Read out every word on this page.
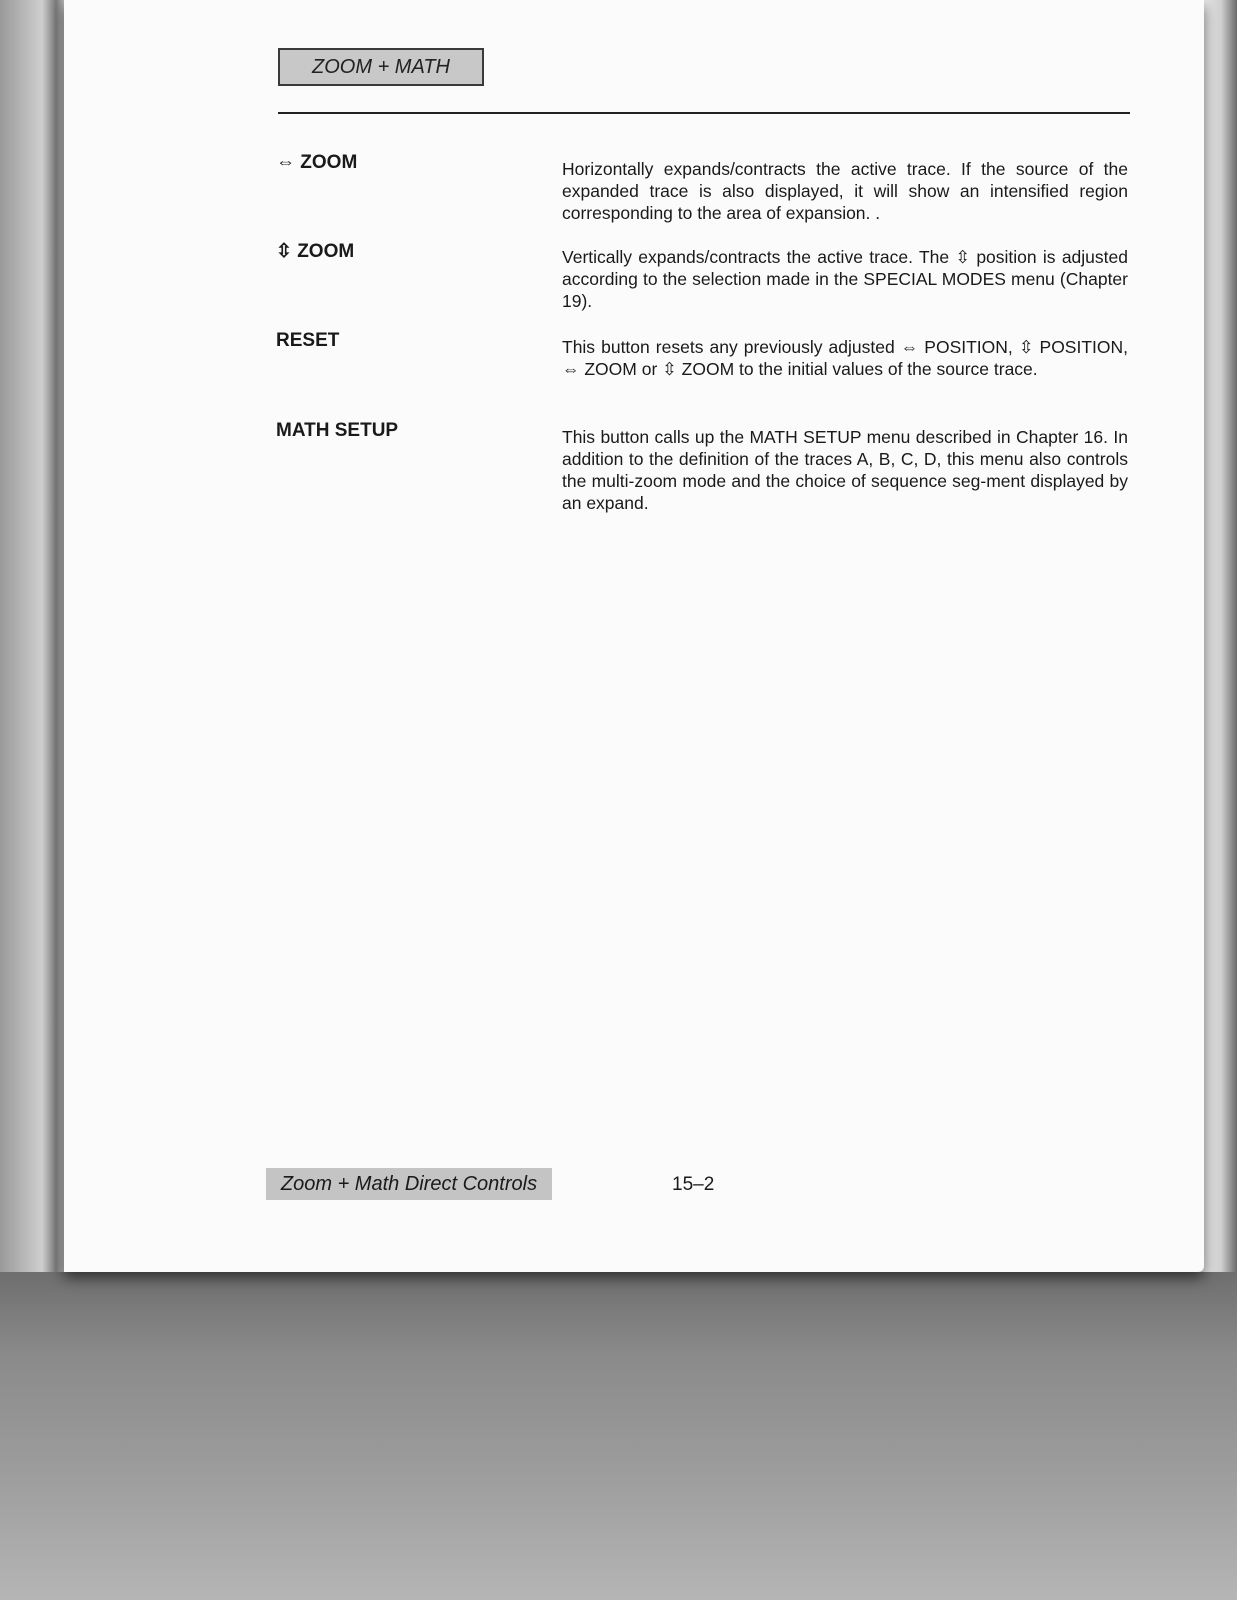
ZOOM + MATH
⇔ ZOOM	Horizontally expands/contracts the active trace. If the source of the expanded trace is also displayed, it will show an intensified region corresponding to the area of expansion. .
⇳ ZOOM	Vertically expands/contracts the active trace. The ⇳ position is adjusted according to the selection made in the SPECIAL MODES menu (Chapter 19).
RESET	This button resets any previously adjusted ⇔ POSITION, ⇳ POSITION, ⇔ ZOOM or ⇳ ZOOM to the initial values of the source trace.
MATH SETUP	This button calls up the MATH SETUP menu described in Chapter 16. In addition to the definition of the traces A, B, C, D, this menu also controls the multi-zoom mode and the choice of sequence seg-ment displayed by an expand.
Zoom + Math Direct Controls	15–2
